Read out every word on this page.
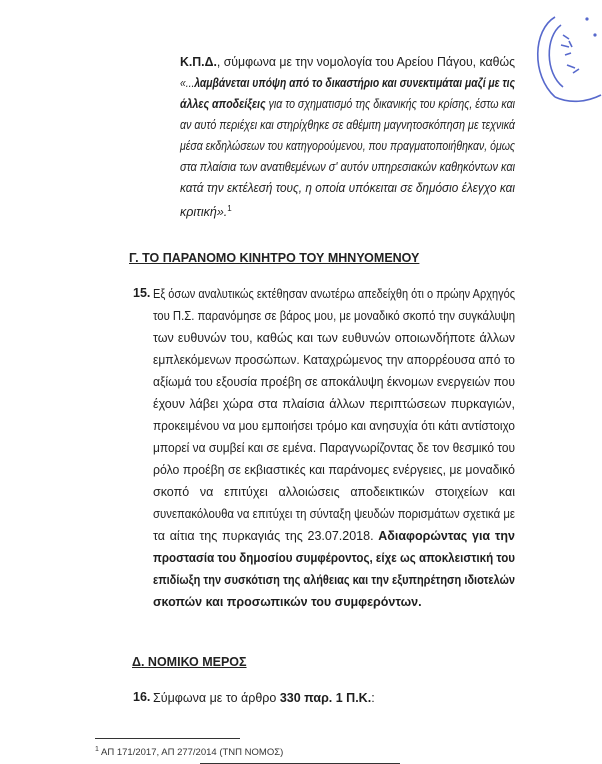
Κ.Π.Δ., σύμφωνα με την νομολογία του Αρείου Πάγου, καθώς
«...λαμβάνεται υπόψη από το δικαστήριο και συνεκτιμάται μαζί με τις
άλλες αποδείξεις για το σχηματισμό της δικανικής του κρίσης, έστω και
αν αυτό περιέχει και στηρίχθηκε σε αθέμιτη μαγνητοσκόπηση με τεχνικά
μέσα εκδηλώσεων του κατηγορούμενου, που πραγματοποιήθηκαν, όμως
στα πλαίσια των ανατιθεμένων σ' αυτόν υπηρεσιακών καθηκόντων και
κατά την εκτέλεσή τους, η οποία υπόκειται σε δημόσιο έλεγχο και
κριτική».$^1$
Γ. ΤΟ ΠΑΡΑΝΟΜΟ ΚΙΝΗΤΡΟ ΤΟΥ ΜΗΝΥΟΜΕΝΟΥ
15. Εξ όσων αναλυτικώς εκτέθησαν ανωτέρω απεδείχθη ότι ο πρώην Αρχηγός
του Π.Σ. παρανόμησε σε βάρος μου, με μοναδικό σκοπό την συγκάλυψη
των ευθυνών του, καθώς και των ευθυνών οποιωνδήποτε άλλων
εμπλεκόμενων προσώπων. Καταχρώμενος την απορρέουσα από το
αξίωμά του εξουσία προέβη σε αποκάλυψη έκνομων ενεργειών που
έχουν λάβει χώρα στα πλαίσια άλλων περιπτώσεων πυρκαγιών,
προκειμένου να μου εμποιήσει τρόμο και ανησυχία ότι κάτι αντίστοιχο
μπορεί να συμβεί και σε εμένα. Παραγνωρίζοντας δε τον θεσμικό του
ρόλο προέβη σε εκβιαστικές και παράνομες ενέργειες, με μοναδικό
σκοπό να επιτύχει αλλοιώσεις αποδεικτικών στοιχείων και
συνεπακόλουθα να επιτύχει τη σύνταξη ψευδών πορισμάτων σχετικά με
τα αίτια της πυρκαγιάς της 23.07.2018. Αδιαφορώντας για την
προστασία του δημοσίου συμφέροντος, είχε ως αποκλειστική του
επιδίωξη την συσκότιση της αλήθειας και την εξυπηρέτηση ιδιοτελών
σκοπών και προσωπικών του συμφερόντων.
Δ. ΝΟΜΙΚΟ ΜΕΡΟΣ
16. Σύμφωνα με το άρθρο 330 παρ. 1 Π.Κ.:
$^1$ ΑΠ 171/2017, ΑΠ 277/2014 (ΤΝΠ ΝΟΜΟΣ)
